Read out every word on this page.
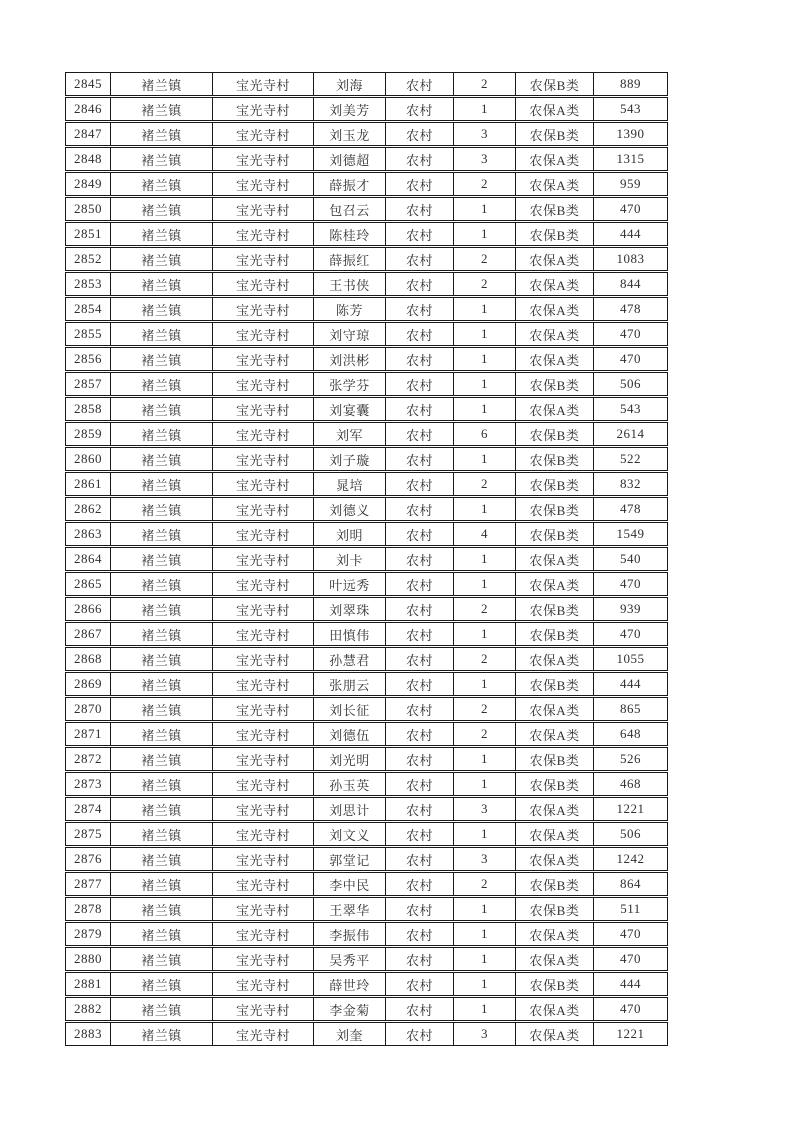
2845	褚兰镇	宝光寺村	刘海	农村	2	农保B类	889
2846	褚兰镇	宝光寺村	刘美芳	农村	1	农保A类	543
2847	褚兰镇	宝光寺村	刘玉龙	农村	3	农保B类	1390
2848	褚兰镇	宝光寺村	刘德超	农村	3	农保A类	1315
2849	褚兰镇	宝光寺村	薛振才	农村	2	农保A类	959
2850	褚兰镇	宝光寺村	包召云	农村	1	农保B类	470
2851	褚兰镇	宝光寺村	陈桂玲	农村	1	农保B类	444
2852	褚兰镇	宝光寺村	薛振红	农村	2	农保A类	1083
2853	褚兰镇	宝光寺村	王书侠	农村	2	农保A类	844
2854	褚兰镇	宝光寺村	陈芳	农村	1	农保A类	478
2855	褚兰镇	宝光寺村	刘守琼	农村	1	农保A类	470
2856	褚兰镇	宝光寺村	刘洪彬	农村	1	农保A类	470
2857	褚兰镇	宝光寺村	张学芬	农村	1	农保B类	506
2858	褚兰镇	宝光寺村	刘宴囊	农村	1	农保A类	543
2859	褚兰镇	宝光寺村	刘军	农村	6	农保B类	2614
2860	褚兰镇	宝光寺村	刘子璇	农村	1	农保B类	522
2861	褚兰镇	宝光寺村	晁培	农村	2	农保B类	832
2862	褚兰镇	宝光寺村	刘德义	农村	1	农保B类	478
2863	褚兰镇	宝光寺村	刘明	农村	4	农保B类	1549
2864	褚兰镇	宝光寺村	刘卡	农村	1	农保A类	540
2865	褚兰镇	宝光寺村	叶远秀	农村	1	农保A类	470
2866	褚兰镇	宝光寺村	刘翠珠	农村	2	农保B类	939
2867	褚兰镇	宝光寺村	田慎伟	农村	1	农保B类	470
2868	褚兰镇	宝光寺村	孙慧君	农村	2	农保A类	1055
2869	褚兰镇	宝光寺村	张朋云	农村	1	农保B类	444
2870	褚兰镇	宝光寺村	刘长征	农村	2	农保A类	865
2871	褚兰镇	宝光寺村	刘德伍	农村	2	农保A类	648
2872	褚兰镇	宝光寺村	刘光明	农村	1	农保B类	526
2873	褚兰镇	宝光寺村	孙玉英	农村	1	农保B类	468
2874	褚兰镇	宝光寺村	刘思计	农村	3	农保A类	1221
2875	褚兰镇	宝光寺村	刘文义	农村	1	农保A类	506
2876	褚兰镇	宝光寺村	郭堂记	农村	3	农保A类	1242
2877	褚兰镇	宝光寺村	李中民	农村	2	农保B类	864
2878	褚兰镇	宝光寺村	王翠华	农村	1	农保B类	511
2879	褚兰镇	宝光寺村	李振伟	农村	1	农保A类	470
2880	褚兰镇	宝光寺村	吴秀平	农村	1	农保A类	470
2881	褚兰镇	宝光寺村	薛世玲	农村	1	农保B类	444
2882	褚兰镇	宝光寺村	李金菊	农村	1	农保A类	470
2883	褚兰镇	宝光寺村	刘奎	农村	3	农保A类	1221
